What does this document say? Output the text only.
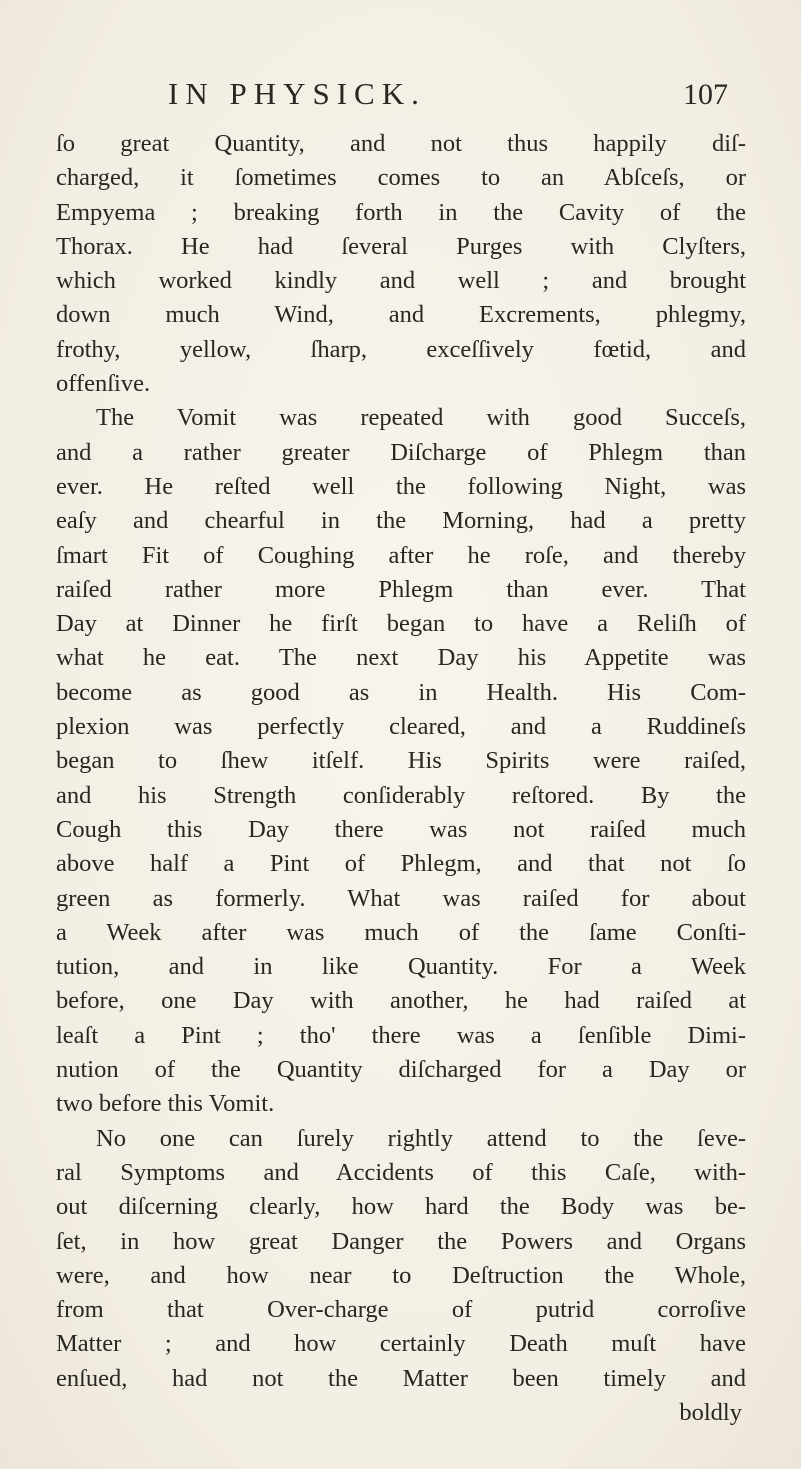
IN PHYSICK.	107
ſo great Quantity, and not thus happily diſ-
charged, it ſometimes comes to an Abſceſs, or
Empyema ; breaking forth in the Cavity of the
Thorax. He had ſeveral Purges with Clyſters,
which worked kindly and well ; and brought
down much Wind, and Excrements, phlegmy,
frothy, yellow, ſharp, exceſſively fœtid, and
offenſive.
The Vomit was repeated with good Succeſs,
and a rather greater Diſcharge of Phlegm than
ever. He reſted well the following Night, was
eaſy and chearful in the Morning, had a pretty
ſmart Fit of Coughing after he roſe, and thereby
raiſed rather more Phlegm than ever. That
Day at Dinner he firſt began to have a Reliſh of
what he eat. The next Day his Appetite was
become as good as in Health. His Com-
plexion was perfectly cleared, and a Ruddineſs
began to ſhew itſelf. His Spirits were raiſed,
and his Strength conſiderably reſtored. By the
Cough this Day there was not raiſed much
above half a Pint of Phlegm, and that not ſo
green as formerly. What was raiſed for about
a Week after was much of the ſame Conſti-
tution, and in like Quantity. For a Week
before, one Day with another, he had raiſed at
leaſt a Pint ; tho' there was a ſenſible Dimi-
nution of the Quantity diſcharged for a Day or
two before this Vomit.
No one can ſurely rightly attend to the ſeve-
ral Symptoms and Accidents of this Caſe, with-
out diſcerning clearly, how hard the Body was be-
ſet, in how great Danger the Powers and Organs
were, and how near to Deſtruction the Whole,
from that Over-charge of putrid corroſive
Matter ; and how certainly Death muſt have
enſued, had not the Matter been timely and
boldly
